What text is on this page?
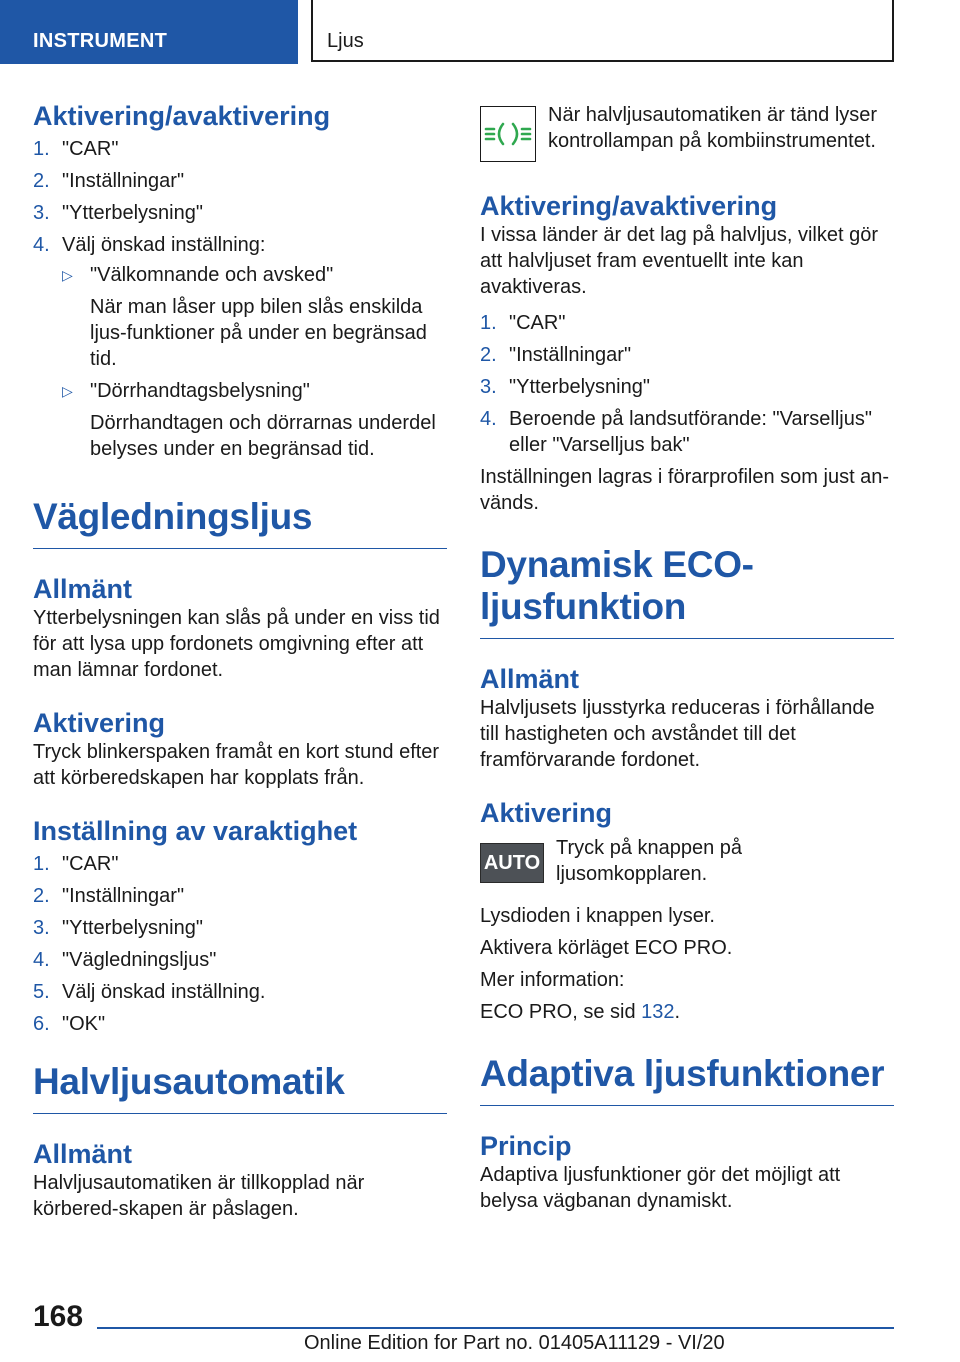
INSTRUMENT	Ljus
Aktivering/avaktivering
1. "CAR"
2. "Inställningar"
3. "Ytterbelysning"
4. Välj önskad inställning:
▷ "Välkomnande och avsked"
När man låser upp bilen slås enskilda ljus-funktioner på under en begränsad tid.
▷ "Dörrhandtagsbelysning"
Dörrhandtagen och dörrarnas underdel belyses under en begränsad tid.
Vägledningsljus
Allmänt

Ytterbelysningen kan slås på under en viss tid för att lysa upp fordonets omgivning efter att man lämnar fordonet.

Aktivering

Tryck blinkerspaken framåt en kort stund efter att körberedskapen har kopplats från.

Inställning av varaktighet
1. "CAR"
2. "Inställningar"
3. "Ytterbelysning"
4. "Vägledningsljus"
5. Välj önskad inställning.
6. "OK"
Halvljusautomatik
Allmänt

Halvljusautomatiken är tillkopplad när körbered-skapen är påslagen.

När halvljusautomatiken är tänd lyser kontrollampan på kombiinstrumentet.

Aktivering/avaktivering

I vissa länder är det lag på halvljus, vilket gör att halvljuset fram eventuellt inte kan avaktiveras.

1. "CAR"
2. "Inställningar"
3. "Ytterbelysning"
4. Beroende på landsutförande: "Varselljus" eller "Varselljus bak"

Inställningen lagras i förarprofilen som just an-vänds.

Dynamisk ECO-ljusfunktion
Allmänt

Halvljusets ljusstyrka reduceras i förhållande till hastigheten och avståndet till det framförvarande fordonet.

Aktivering
AUTO

Tryck på knappen på ljusomkopplaren.

Lysdioden i knappen lyser.

Aktivera körläget ECO PRO.

Mer information:

ECO PRO, se sid 132.

Adaptiva ljusfunktioner
Princip

Adaptiva ljusfunktioner gör det möjligt att belysa vägbanan dynamiskt.

168
Online Edition for Part no. 01405A11129 - VI/20
